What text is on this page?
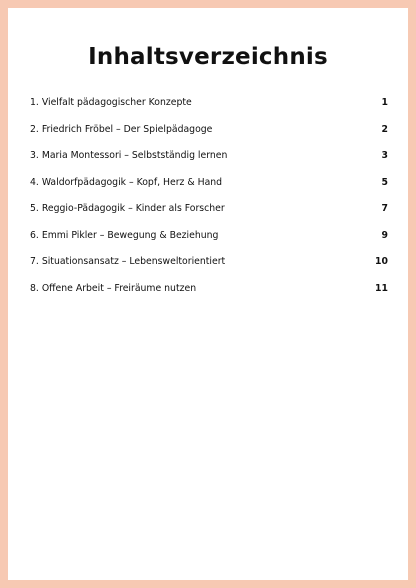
Inhaltsverzeichnis
1. Vielfalt pädagogischer Konzepte	1
2. Friedrich Fröbel – Der Spielpädagoge	2
3. Maria Montessori – Selbstständig lernen	3
4. Waldorfpädagogik – Kopf, Herz & Hand	5
5. Reggio-Pädagogik – Kinder als Forscher	7
6. Emmi Pikler – Bewegung & Beziehung	9
7. Situationsansatz – Lebensweltorientiert	10
8. Offene Arbeit – Freiräume nutzen	11
